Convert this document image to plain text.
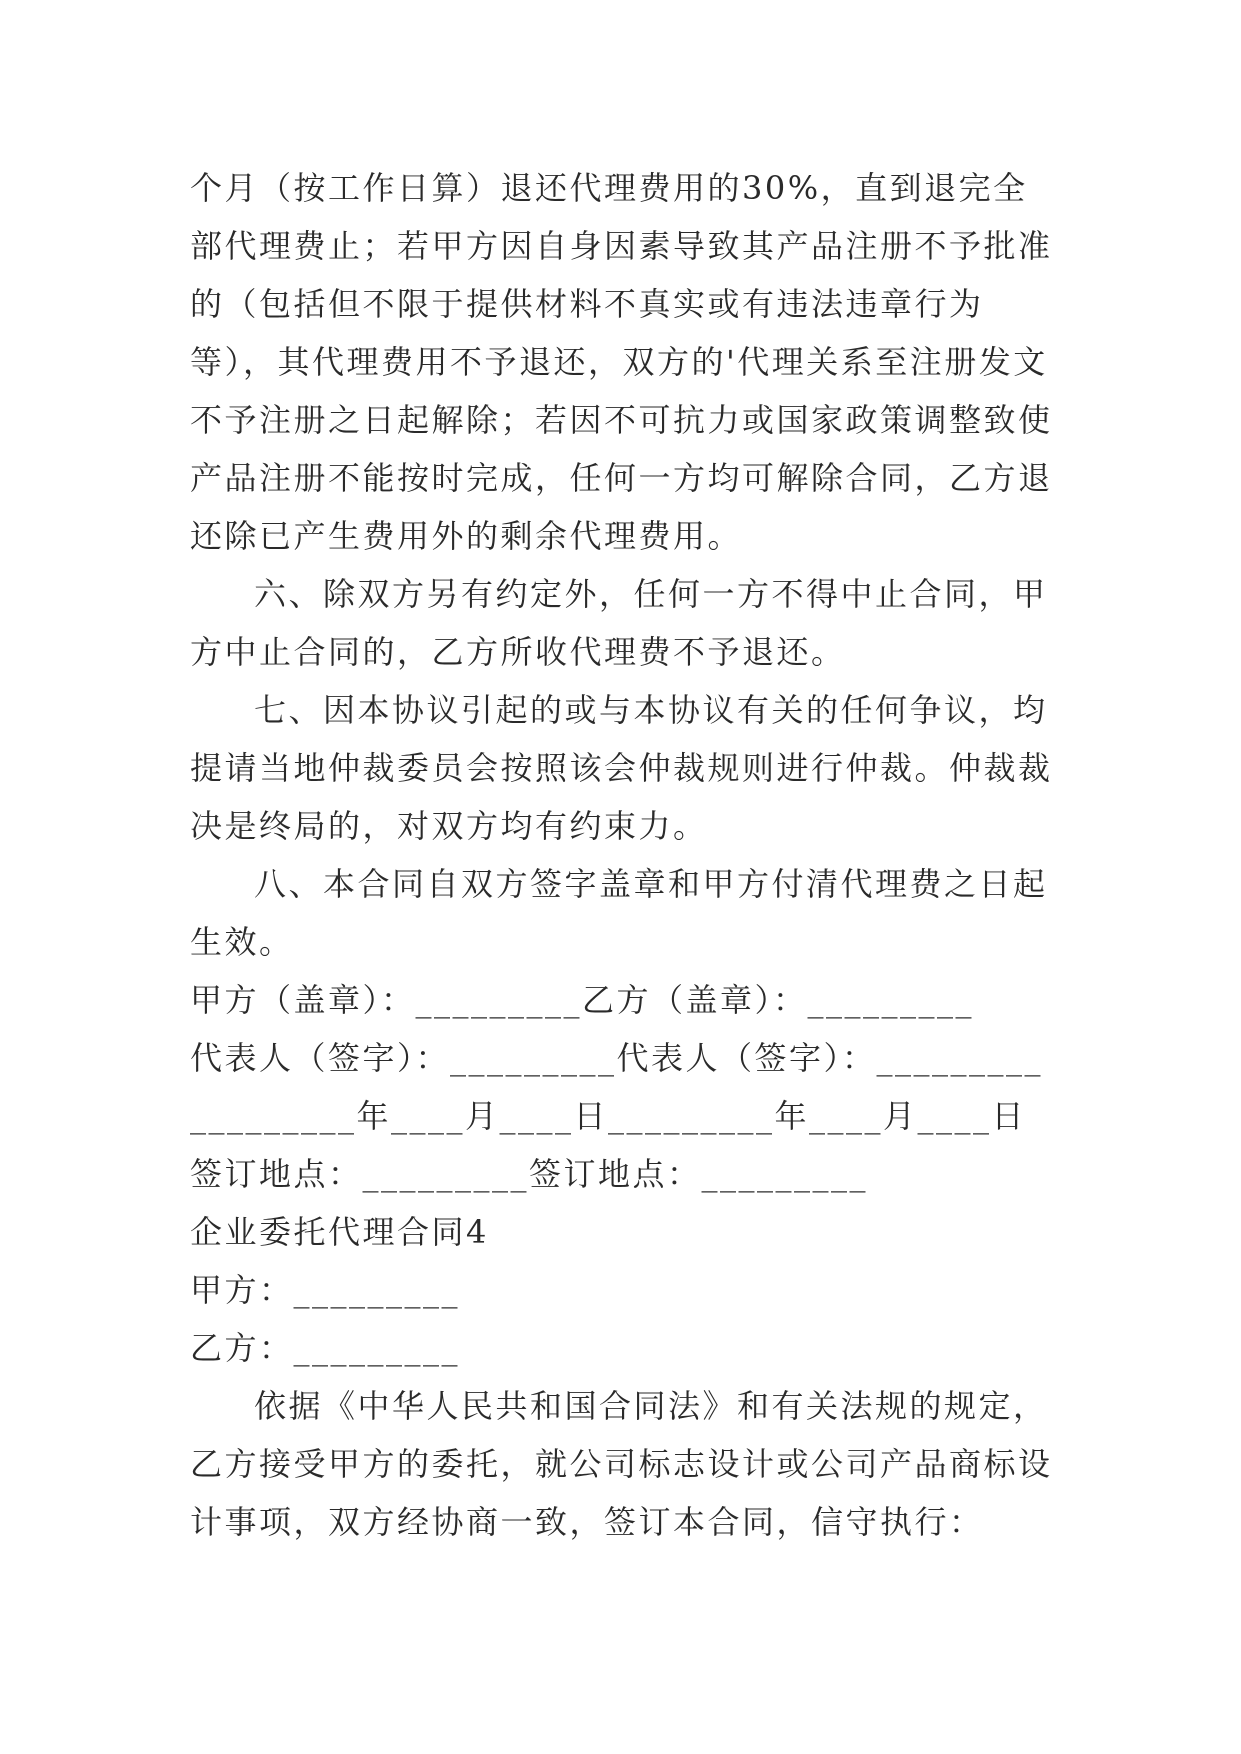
个月（按工作日算）退还代理费用的30%，直到退完全部代理费止；若甲方因自身因素导致其产品注册不予批准的（包括但不限于提供材料不真实或有违法违章行为等），其代理费用不予退还，双方的'代理关系至注册发文不予注册之日起解除；若因不可抗力或国家政策调整致使产品注册不能按时完成，任何一方均可解除合同，乙方退还除已产生费用外的剩余代理费用。

六、除双方另有约定外，任何一方不得中止合同，甲方中止合同的，乙方所收代理费不予退还。

七、因本协议引起的或与本协议有关的任何争议，均提请当地仲裁委员会按照该会仲裁规则进行仲裁。仲裁裁决是终局的，对双方均有约束力。

八、本合同自双方签字盖章和甲方付清代理费之日起生效。

甲方（盖章）：_________乙方（盖章）：_________

代表人（签字）：_________代表人（签字）：_________

_________年____月____日_________年____月____日

签订地点：_________签订地点：_________

企业委托代理合同4

甲方：_________

乙方：_________

依据《中华人民共和国合同法》和有关法规的规定，乙方接受甲方的委托，就公司标志设计或公司产品商标设计事项，双方经协商一致，签订本合同，信守执行：
